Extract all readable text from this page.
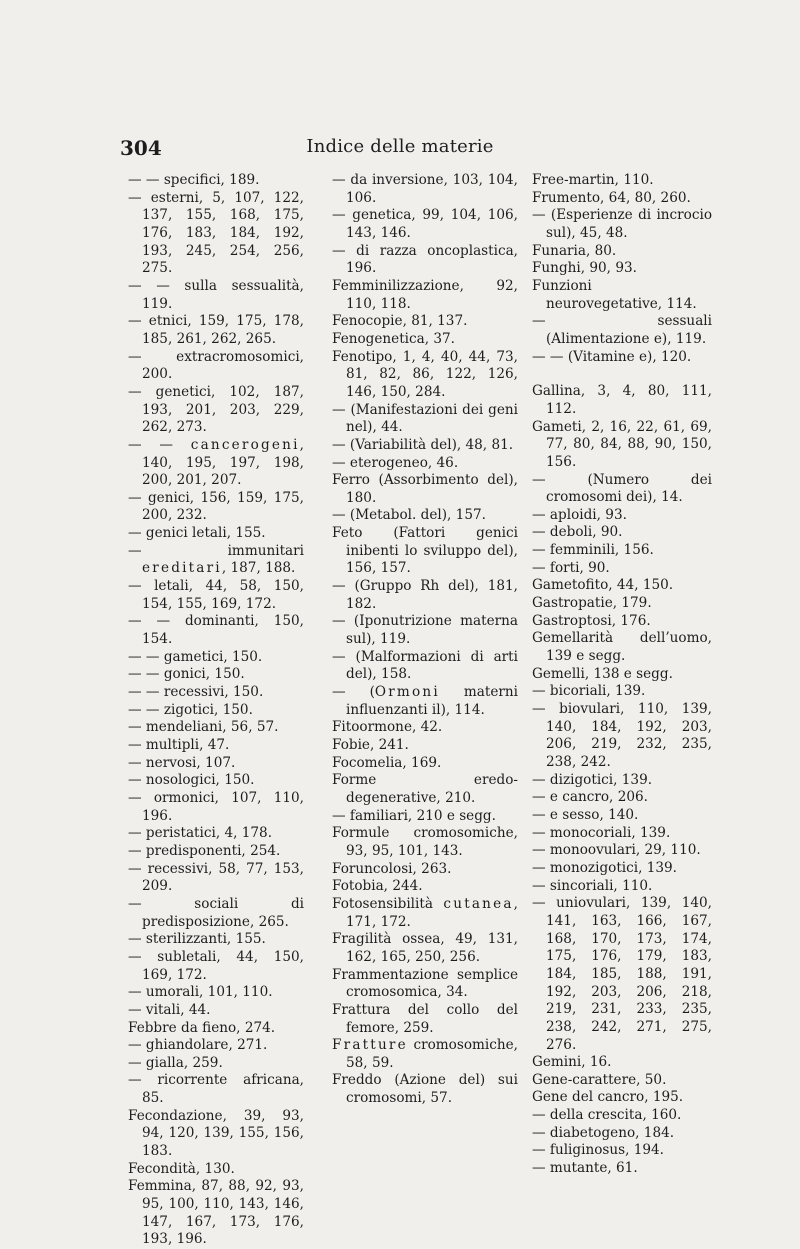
304	Indice delle materie
— — specifici, 189.
— esterni, 5, 107, 122, 137, 155, 168, 175, 176, 183, 184, 192, 193, 245, 254, 256, 275.
— — sulla sessualità, 119.
— etnici, 159, 175, 178, 185, 261, 262, 265.
— extracromosomici, 200.
— genetici, 102, 187, 193, 201, 203, 229, 262, 273.
— — cancerogeni, 140, 195, 197, 198, 200, 201, 207.
— genici, 156, 159, 175, 200, 232.
— genici letali, 155.
— immunitari ereditari, 187, 188.
— letali, 44, 58, 150, 154, 155, 169, 172.
— — dominanti, 150, 154.
— — gametici, 150.
— — gonici, 150.
— — recessivi, 150.
— — zigotici, 150.
— mendeliani, 56, 57.
— multipli, 47.
— nervosi, 107.
— nosologici, 150.
— ormonici, 107, 110, 196.
— peristatici, 4, 178.
— predisponenti, 254.
— recessivi, 58, 77, 153, 209.
— sociali di predisposizione, 265.
— sterilizzanti, 155.
— subletali, 44, 150, 169, 172.
— umorali, 101, 110.
— vitali, 44.
Febbre da fieno, 274.
— ghiandolare, 271.
— gialla, 259.
— ricorrente africana, 85.
Fecondazione, 39, 93, 94, 120, 139, 155, 156, 183.
Fecondità, 130.
Femmina, 87, 88, 92, 93, 95, 100, 110, 143, 146, 147, 167, 173, 176, 193, 196.
— da inversione, 103, 104, 106.
— genetica, 99, 104, 106, 143, 146.
— di razza oncoplastica, 196.
Femminilizzazione, 92, 110, 118.
Fenocopie, 81, 137.
Fenogenetica, 37.
Fenotipo, 1, 4, 40, 44, 73, 81, 82, 86, 122, 126, 146, 150, 284.
— (Manifestazioni dei geni nel), 44.
— (Variabilità del), 48, 81.
— eterogeneo, 46.
Ferro (Assorbimento del), 180.
— (Metabol. del), 157.
Feto (Fattori genici inibenti lo sviluppo del), 156, 157.
— (Gruppo Rh del), 181, 182.
— (Iponutrizione materna sul), 119.
— (Malformazioni di arti del), 158.
— (Ormoni materni influenzanti il), 114.
Fitoormone, 42.
Fobie, 241.
Focomelia, 169.
Forme eredo-degenerative, 210.
— familiari, 210 e segg.
Formule cromosomiche, 93, 95, 101, 143.
Foruncolosi, 263.
Fotobia, 244.
Fotosensibilità cutanea, 171, 172.
Fragilità ossea, 49, 131, 162, 165, 250, 256.
Frammentazione semplice cromosomica, 34.
Frattura del collo del femore, 259.
Fratture cromosomiche, 58, 59.
Freddo (Azione del) sui cromosomi, 57.
Free-martin, 110.
Frumento, 64, 80, 260.
— (Esperienze di incrocio sul), 45, 48.
Funaria, 80.
Funghi, 90, 93.
Funzioni neurovegetative, 114.
— sessuali (Alimentazione e), 119.
— — (Vitamine e), 120.
Gallina, 3, 4, 80, 111, 112.
Gameti, 2, 16, 22, 61, 69, 77, 80, 84, 88, 90, 150, 156.
— (Numero dei cromosomi dei), 14.
— aploidi, 93.
— deboli, 90.
— femminili, 156.
— forti, 90.
Gametofito, 44, 150.
Gastropatie, 179.
Gastroptosi, 176.
Gemellarità dell’uomo, 139 e segg.
Gemelli, 138 e segg.
— bicoriali, 139.
— biovulari, 110, 139, 140, 184, 192, 203, 206, 219, 232, 235, 238, 242.
— dizigotici, 139.
— e cancro, 206.
— e sesso, 140.
— monocoriali, 139.
— monoovulari, 29, 110.
— monozigotici, 139.
— sincoriali, 110.
— uniovulari, 139, 140, 141, 163, 166, 167, 168, 170, 173, 174, 175, 176, 179, 183, 184, 185, 188, 191, 192, 203, 206, 218, 219, 231, 233, 235, 238, 242, 271, 275, 276.
Gemini, 16.
Gene-carattere, 50.
Gene del cancro, 195.
— della crescita, 160.
— diabetogeno, 184.
— fuliginosus, 194.
— mutante, 61.
